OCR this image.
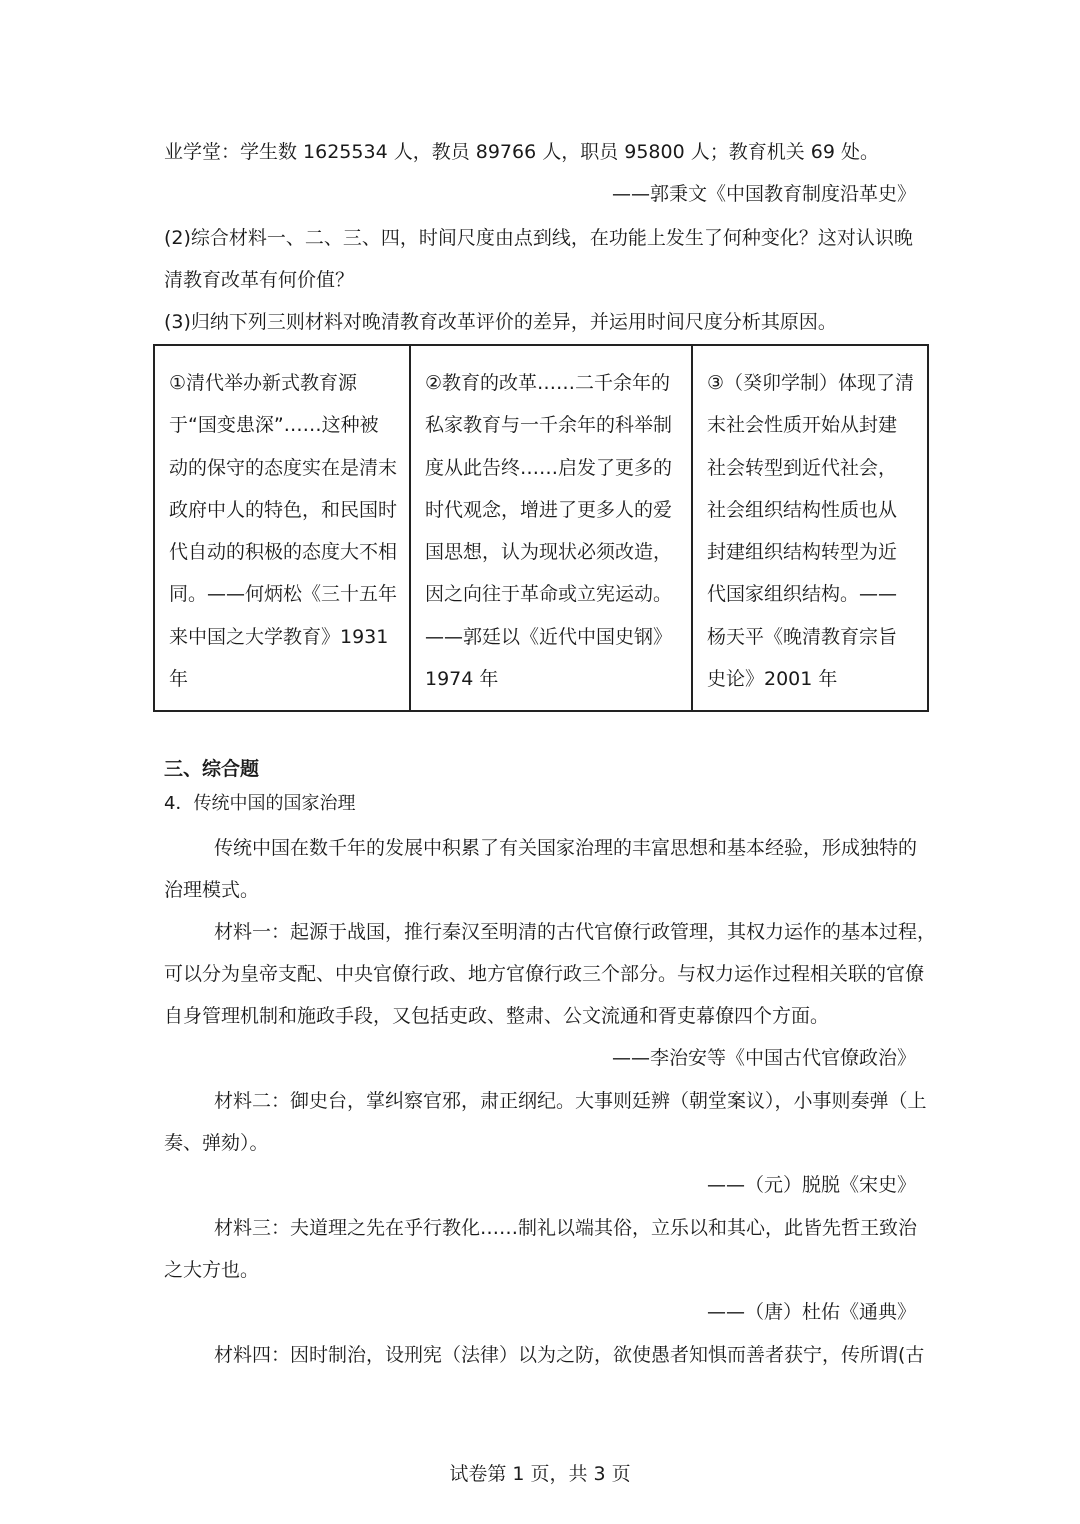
业学堂：学生数 1625534 人，教员 89766 人，职员 95800 人；教育机关 69 处。
——郭秉文《中国教育制度沿革史》
(2)综合材料一、二、三、四，时间尺度由点到线，在功能上发生了何种变化？这对认识晚
清教育改革有何价值？
(3)归纳下列三则材料对晚清教育改革评价的差异，并运用时间尺度分析其原因。
①清代举办新式教育源于“国变患深”……这种被动的保守的态度实在是清末政府中人的特色，和民国时代自动的积极的态度大不相同。——何炳松《三十五年来中国之大学教育》1931 年	②教育的改革……二千余年的私家教育与一千余年的科举制度从此告终……启发了更多的时代观念，增进了更多人的爱国思想，认为现状必须改造，因之向往于革命或立宪运动。——郭廷以《近代中国史钢》1974 年	③（癸卯学制）体现了清末社会性质开始从封建社会转型到近代社会，社会组织结构性质也从封建组织结构转型为近代国家组织结构。——杨天平《晚清教育宗旨史论》2001 年
三、综合题
4．传统中国的国家治理
传统中国在数千年的发展中积累了有关国家治理的丰富思想和基本经验，形成独特的
治理模式。
材料一：起源于战国，推行秦汉至明清的古代官僚行政管理，其权力运作的基本过程，
可以分为皇帝支配、中央官僚行政、地方官僚行政三个部分。与权力运作过程相关联的官僚
自身管理机制和施政手段，又包括吏政、整肃、公文流通和胥吏幕僚四个方面。
——李治安等《中国古代官僚政治》
材料二：御史台，掌纠察官邪，肃正纲纪。大事则廷辨（朝堂案议），小事则奏弹（上
奏、弹劾）。
——（元）脱脱《宋史》
材料三：夫道理之先在乎行教化……制礼以端其俗，立乐以和其心，此皆先哲王致治
之大方也。
——（唐）杜佑《通典》
材料四：因时制治，设刑宪（法律）以为之防，欲使愚者知惧而善者获宁，传所谓(古
试卷第 1 页，共 3 页
